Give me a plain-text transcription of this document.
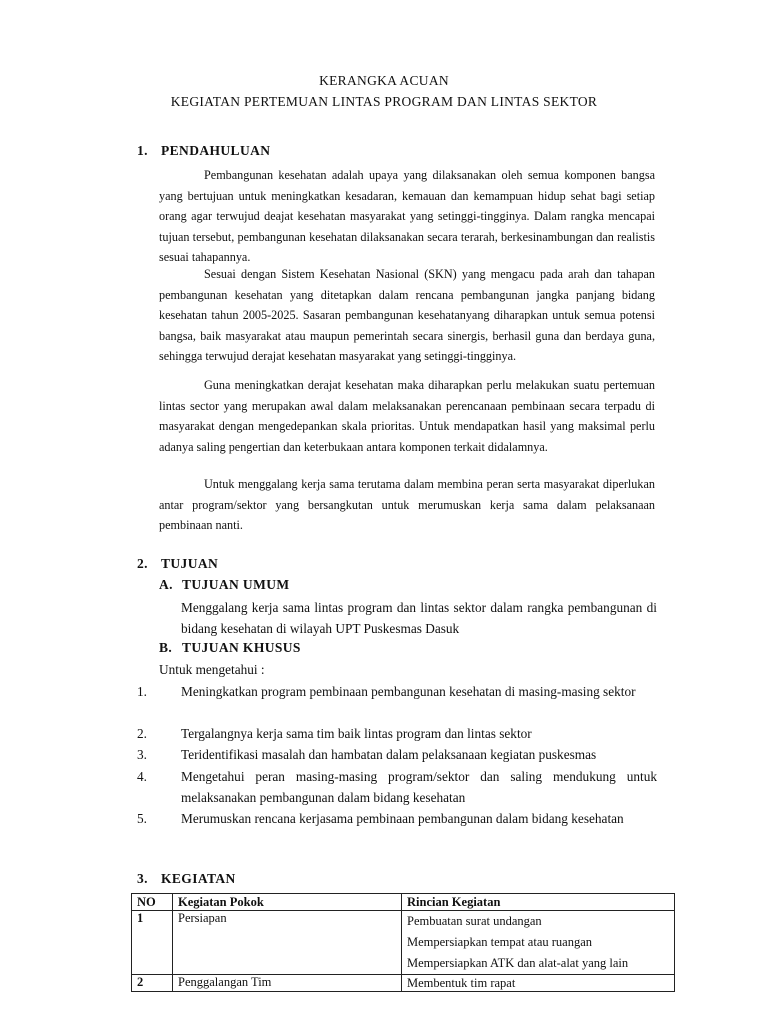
KERANGKA ACUAN
KEGIATAN PERTEMUAN LINTAS PROGRAM DAN LINTAS SEKTOR
1. PENDAHULUAN

Pembangunan kesehatan adalah upaya yang dilaksanakan oleh semua komponen bangsa yang bertujuan untuk meningkatkan kesadaran, kemauan dan kemampuan hidup sehat bagi setiap orang agar terwujud deajat kesehatan masyarakat yang setinggi-tingginya. Dalam rangka mencapai tujuan tersebut, pembangunan kesehatan dilaksanakan secara terarah, berkesinambungan dan realistis sesuai tahapannya.

Sesuai dengan Sistem Kesehatan Nasional (SKN) yang mengacu pada arah dan tahapan pembangunan kesehatan yang ditetapkan dalam rencana pembangunan jangka panjang bidang kesehatan tahun 2005-2025. Sasaran pembangunan kesehatanyang diharapkan untuk semua potensi bangsa, baik masyarakat atau maupun pemerintah secara sinergis, berhasil guna dan berdaya guna, sehingga terwujud derajat kesehatan masyarakat yang setinggi-tingginya.

Guna meningkatkan derajat kesehatan maka diharapkan perlu melakukan suatu pertemuan lintas sector yang merupakan awal dalam melaksanakan perencanaan pembinaan secara terpadu di masyarakat dengan mengedepankan skala prioritas. Untuk mendapatkan hasil yang maksimal perlu adanya saling pengertian dan keterbukaan antara komponen terkait didalamnya.

Untuk menggalang kerja sama terutama dalam membina peran serta masyarakat diperlukan antar program/sektor yang bersangkutan untuk merumuskan kerja sama dalam pelaksanaan pembinaan nanti.

2. TUJUAN
A. TUJUAN UMUM
Menggalang kerja sama lintas program dan lintas sektor dalam rangka pembangunan di bidang kesehatan di wilayah UPT Puskesmas Dasuk
B. TUJUAN KHUSUS
Untuk mengetahui :
1.	Meningkatkan program pembinaan pembangunan kesehatan di masing-masing sektor
2.	Tergalangnya kerja sama tim baik lintas program dan lintas sektor
3.	Teridentifikasi masalah dan hambatan dalam pelaksanaan kegiatan puskesmas
4.	Mengetahui peran masing-masing program/sektor dan saling mendukung untuk melaksanakan pembangunan dalam bidang kesehatan
5.	Merumuskan rencana kerjasama pembinaan pembangunan dalam bidang kesehatan
3. KEGIATAN
NO	Kegiatan Pokok	Rincian Kegiatan
1	Persiapan	Pembuatan surat undangan
Mempersiapkan tempat atau ruangan
Mempersiapkan ATK dan alat-alat yang lain

2	Penggalangan Tim	Membentuk tim rapat
